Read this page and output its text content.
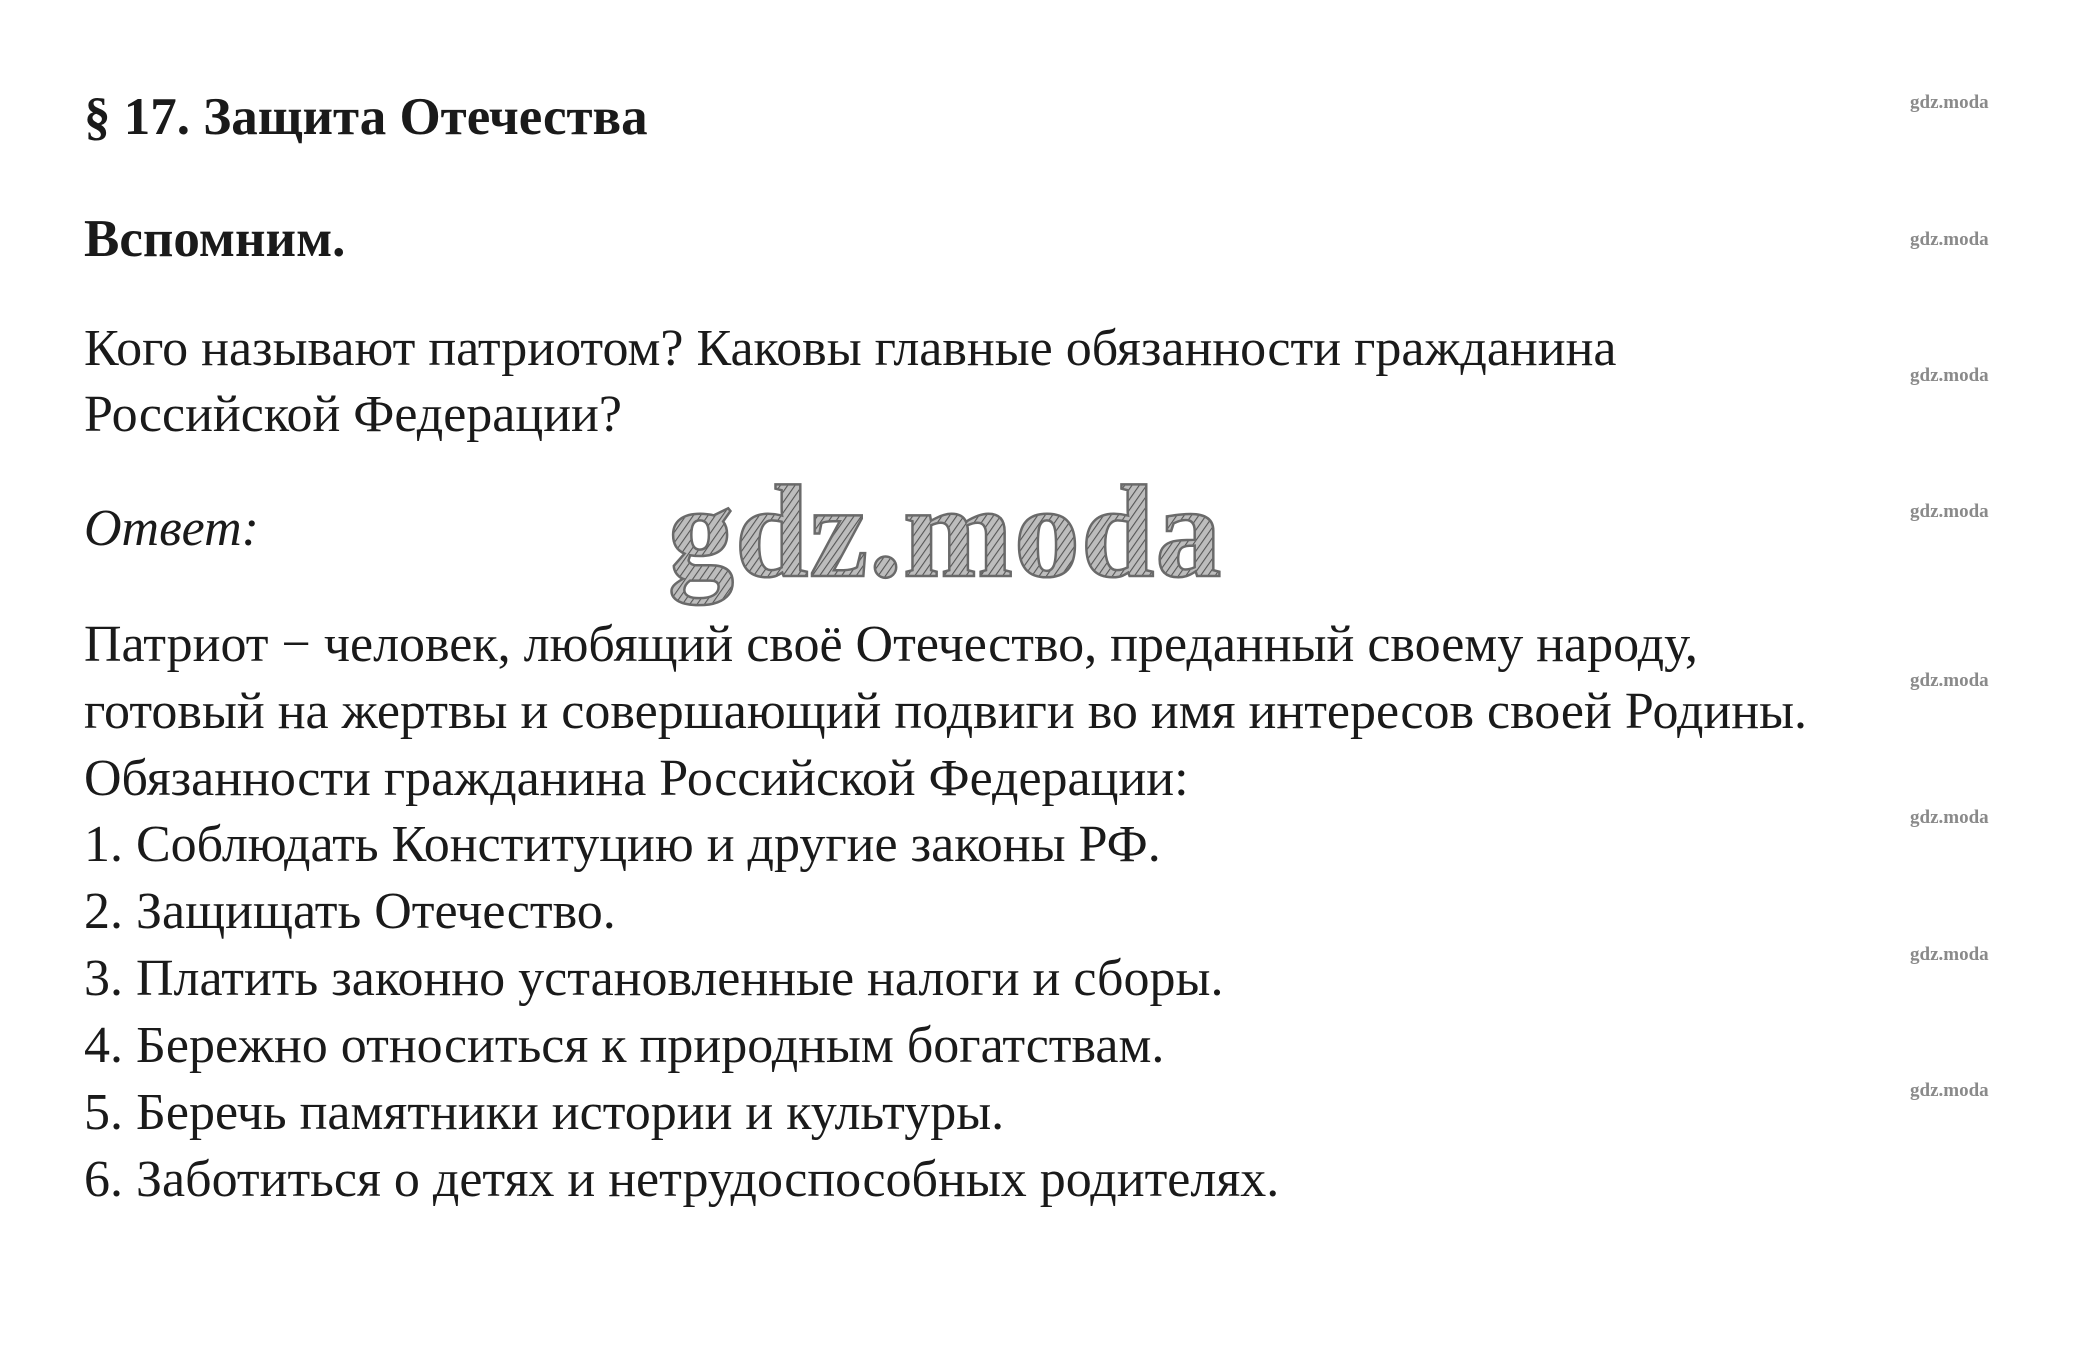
§ 17. Защита Отечества
Вспомним.
Кого называют патриотом? Каковы главные обязанности гражданина
Российской Федерации?
Ответ:
Патриот − человек, любящий своё Отечество, преданный своему народу,
готовый на жертвы и совершающий подвиги во имя интересов своей Родины.
Обязанности гражданина Российской Федерации:
1. Соблюдать Конституцию и другие законы РФ.
2. Защищать Отечество.
3. Платить законно установленные налоги и сборы.
4. Бережно относиться к природным богатствам.
5. Беречь памятники истории и культуры.
6. Заботиться о детях и нетрудоспособных родителях.
gdz.moda
gdz.moda
gdz.moda
gdz.moda
gdz.moda
gdz.moda
gdz.moda
gdz.moda
gdz.moda
